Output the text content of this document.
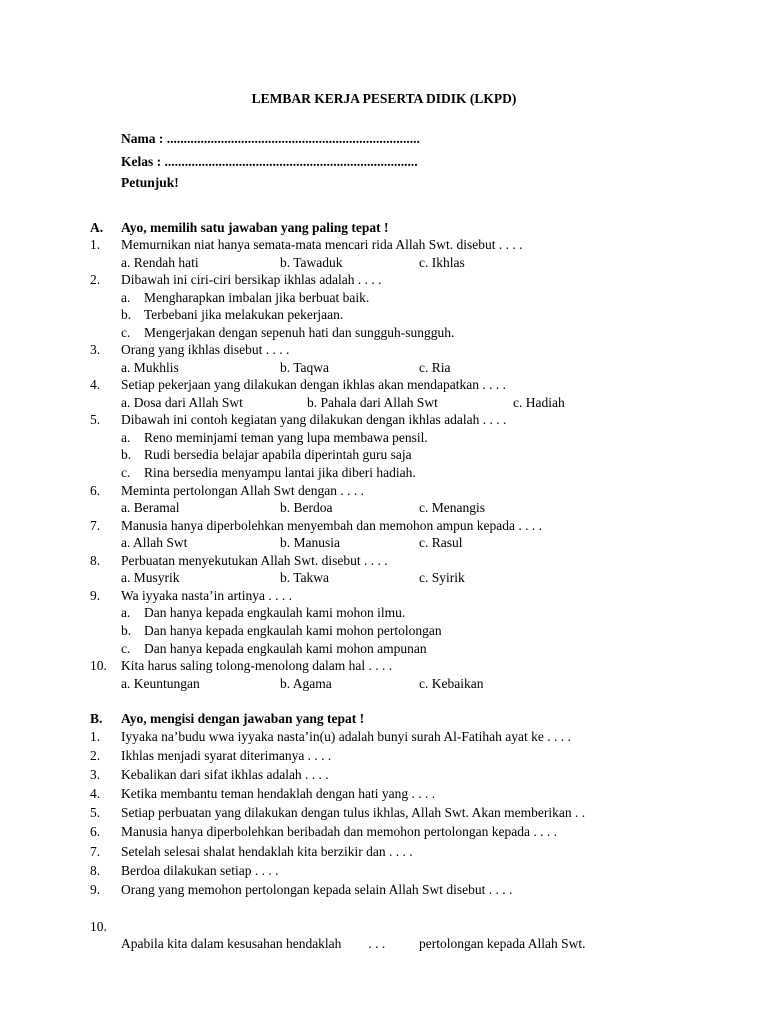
LEMBAR KERJA PESERTA DIDIK (LKPD)
Nama : ...........................................................................
Kelas : ...........................................................................
Petunjuk!
A. Ayo, memilih satu jawaban yang paling tepat !
1. Memurnikan niat hanya semata-mata mencari rida Allah Swt. disebut . . . .
a. Rendah hati	b. Tawaduk	c. Ikhlas
2. Dibawah ini ciri-ciri bersikap ikhlas adalah . . . .
a. Mengharapkan imbalan jika berbuat baik.
b. Terbebani jika melakukan pekerjaan.
c. Mengerjakan dengan sepenuh hati dan sungguh-sungguh.
3. Orang yang ikhlas disebut . . . .
a. Mukhlis	b. Taqwa	c. Ria
4. Setiap pekerjaan yang dilakukan dengan ikhlas akan mendapatkan . . . .
a. Dosa dari Allah Swt	b. Pahala dari Allah Swt	c. Hadiah
5. Dibawah ini contoh kegiatan yang dilakukan dengan ikhlas adalah . . . .
a. Reno meminjami teman yang lupa membawa pensil.
b. Rudi bersedia belajar apabila diperintah guru saja
c. Rina bersedia menyampu lantai jika diberi hadiah.
6. Meminta pertolongan Allah Swt dengan . . . .
a. Beramal	b. Berdoa	c. Menangis
7. Manusia hanya diperbolehkan menyembah dan memohon ampun kepada . . . .
a. Allah Swt	b. Manusia	c. Rasul
8. Perbuatan menyekutukan Allah Swt. disebut . . . .
a. Musyrik	b. Takwa	c. Syirik
9. Wa iyyaka nasta’in artinya . . . .
a. Dan hanya kepada engkaulah kami mohon ilmu.
b. Dan hanya kepada engkaulah kami mohon pertolongan
c. Dan hanya kepada engkaulah kami mohon ampunan
10. Kita harus saling tolong-menolong dalam hal . . . .
a. Keuntungan	b. Agama	c. Kebaikan
B. Ayo, mengisi dengan jawaban yang tepat !
1. Iyyaka na’budu wwa iyyaka nasta’in(u) adalah bunyi surah Al-Fatihah ayat ke . . . .
2. Ikhlas menjadi syarat diterimanya . . . .
3. Kebalikan dari sifat ikhlas adalah . . . .
4. Ketika membantu teman hendaklah dengan hati yang . . . .
5. Setiap perbuatan yang dilakukan dengan tulus ikhlas, Allah Swt. Akan memberikan . .
6. Manusia hanya diperbolehkan beribadah dan memohon pertolongan kepada . . . .
7. Setelah selesai shalat hendaklah kita berzikir dan . . . .
8. Berdoa dilakukan setiap . . . .
9. Orang yang memohon pertolongan kepada selain Allah Swt disebut . . . .

10.

Apabila kita dalam kesusahan hendaklah        . . .          pertolongan kepada Allah Swt.
